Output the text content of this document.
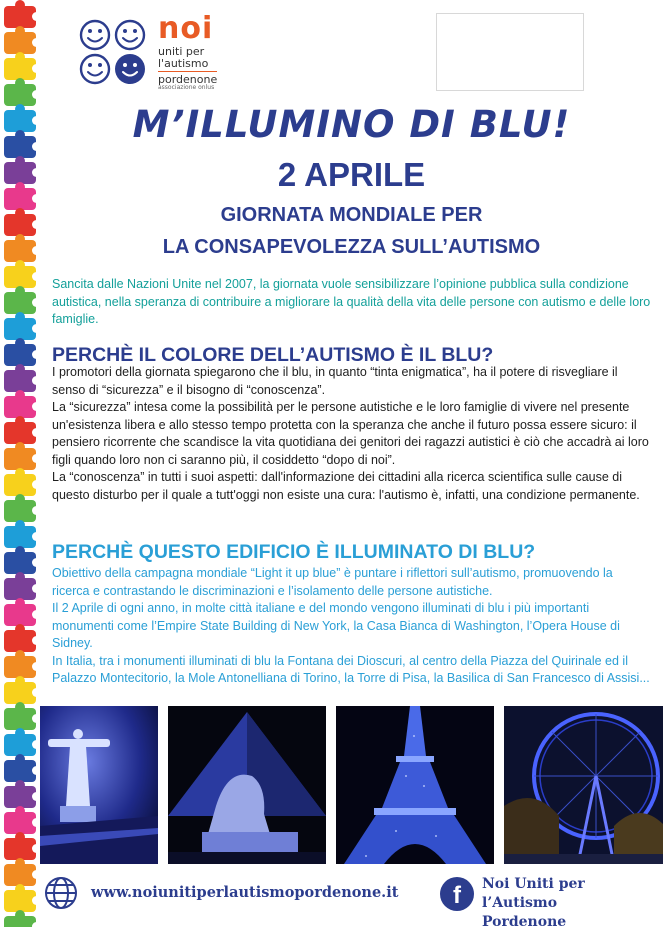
noi
uniti per
l'autismo
pordenone
associazione onlus
M’ILLUMINO DI BLU!
2 APRILE
GIORNATA MONDIALE PER
LA CONSAPEVOLEZZA SULL’AUTISMO
Sancita dalle Nazioni Unite nel 2007, la giornata vuole sensibilizzare l’opinione pubblica sulla condizione autistica, nella speranza di contribuire a migliorare la qualità della vita delle persone con autismo e delle loro famiglie.
PERCHÈ IL COLORE DELL’AUTISMO È IL BLU?

I promotori della giornata spiegarono che il blu, in quanto “tinta enigmatica”, ha il potere di risvegliare il senso di “sicurezza” e il bisogno di “conoscenza”.

La “sicurezza” intesa come la possibilità per le persone autistiche e le loro famiglie di vivere nel presente un'esistenza libera e allo stesso tempo protetta con la speranza che anche il futuro possa essere sicuro: il pensiero ricorrente che scandisce la vita quotidiana dei genitori dei ragazzi autistici è ciò che accadrà ai loro figli quando loro non ci saranno più, il cosiddetto “dopo di noi”.

La “conoscenza” in tutti i suoi aspetti: dall'informazione dei cittadini alla ricerca scientifica sulle cause di questo disturbo per il quale a tutt'oggi non esiste una cura: l'autismo è, infatti, una condizione permanente.

PERCHÈ QUESTO EDIFICIO È ILLUMINATO DI BLU?

Obiettivo della campagna mondiale “Light it up blue” è puntare i riflettori sull’autismo, promuovendo la ricerca e contrastando le discriminazioni e l’isolamento delle persone autistiche.

Il 2 Aprile di ogni anno, in molte città italiane e del mondo vengono illuminati di blu i più importanti monumenti come l’Empire State Building di New York, la Casa Bianca di Washington, l’Opera House di Sidney.

In Italia, tra i monumenti illuminati di blu la Fontana dei Dioscuri, al centro della Piazza del Quirinale ed il Palazzo Montecitorio, la Mole Antonelliana di Torino, la Torre di Pisa, la Basilica di San Francesco di Assisi...

www.noiunitiperlautismopordenone.it	f	Noi Uniti per l’Autismo
Pordenone
